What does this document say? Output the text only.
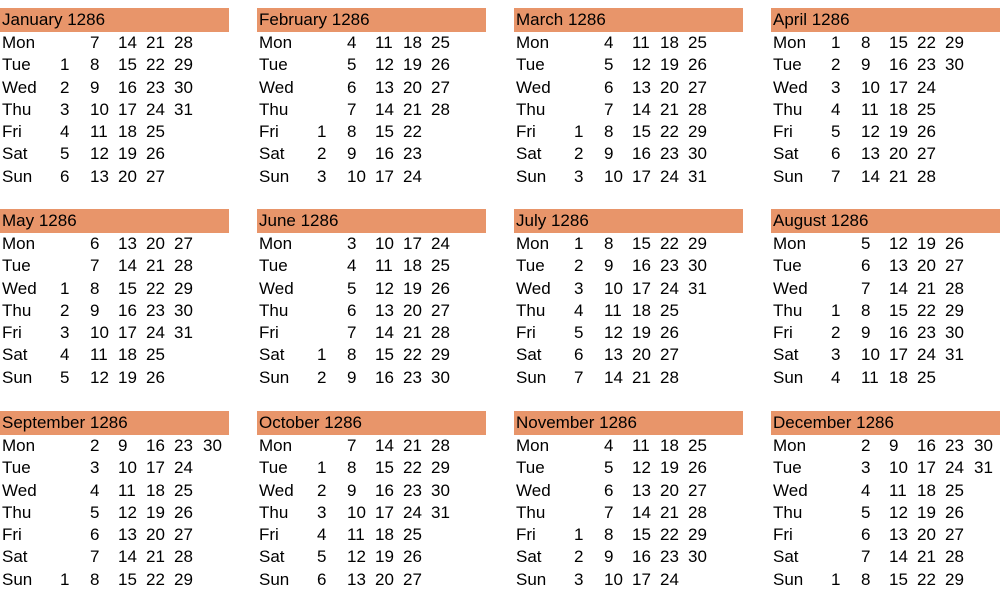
January 1286
Mon	7 14 21 28
Tue 1 8 15 22 29
Wed 2 9 16 23 30
Thu 3 10 17 24 31
Fri 4 11 18 25
Sat 5 12 19 26
Sun 6 13 20 27
February 1286
Mon	4 11 18 25
Tue	5 12 19 26
Wed	6 13 20 27
Thu	7 14 21 28
Fri 1 8 15 22
Sat 2 9 16 23
Sun 3 10 17 24
March 1286
Mon	4 11 18 25
Tue	5 12 19 26
Wed	6 13 20 27
Thu	7 14 21 28
Fri 1 8 15 22 29
Sat 2 9 16 23 30
Sun 3 10 17 24 31
April 1286
Mon 1 8 15 22 29
Tue 2 9 16 23 30
Wed 3 10 17 24
Thu 4 11 18 25
Fri 5 12 19 26
Sat 6 13 20 27
Sun 7 14 21 28
May 1286
Mon	6 13 20 27
Tue	7 14 21 28
Wed 1 8 15 22 29
Thu 2 9 16 23 30
Fri 3 10 17 24 31
Sat 4 11 18 25
Sun 5 12 19 26
June 1286
Mon	3 10 17 24
Tue	4 11 18 25
Wed	5 12 19 26
Thu	6 13 20 27
Fri	7 14 21 28
Sat 1 8 15 22 29
Sun 2 9 16 23 30
July 1286
Mon 1 8 15 22 29
Tue 2 9 16 23 30
Wed 3 10 17 24 31
Thu 4 11 18 25
Fri 5 12 19 26
Sat 6 13 20 27
Sun 7 14 21 28
August 1286
Mon	5 12 19 26
Tue	6 13 20 27
Wed	7 14 21 28
Thu 1 8 15 22 29
Fri 2 9 16 23 30
Sat 3 10 17 24 31
Sun 4 11 18 25
September 1286
Mon	2 9 16 23 30
Tue	3 10 17 24
Wed	4 11 18 25
Thu	5 12 19 26
Fri	6 13 20 27
Sat	7 14 21 28
Sun 1 8 15 22 29
October 1286
Mon	7 14 21 28
Tue 1 8 15 22 29
Wed 2 9 16 23 30
Thu 3 10 17 24 31
Fri 4 11 18 25
Sat 5 12 19 26
Sun 6 13 20 27
November 1286
Mon	4 11 18 25
Tue	5 12 19 26
Wed	6 13 20 27
Thu	7 14 21 28
Fri 1 8 15 22 29
Sat 2 9 16 23 30
Sun 3 10 17 24
December 1286
Mon	2 9 16 23 30
Tue	3 10 17 24 31
Wed	4 11 18 25
Thu	5 12 19 26
Fri	6 13 20 27
Sat	7 14 21 28
Sun 1 8 15 22 29
